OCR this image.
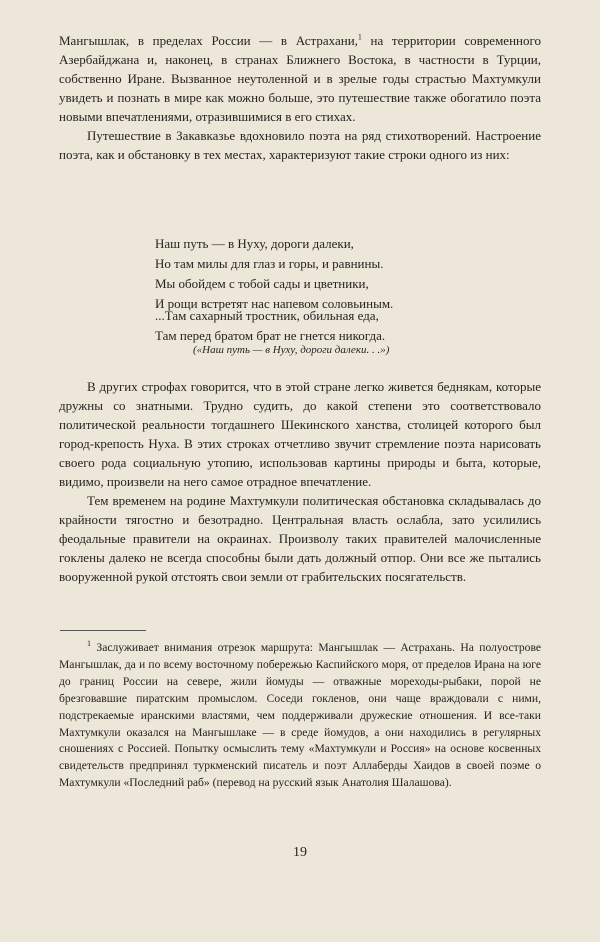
Мангышлак, в пределах России — в Астрахани,$^1$ на территории современного Азербайджана и, наконец, в странах Ближнего Востока, в частности в Турции, собственно Иране. Вызванное неутоленной и в зрелые годы страстью Махтумкули увидеть и познать в мире как можно больше, это путешествие также обогатило поэта новыми впечатлениями, отразившимися в его стихах.

Путешествие в Закавказье вдохновило поэта на ряд стихотворений. Настроение поэта, как и обстановку в тех местах, характеризуют такие строки одного из них:

Наш путь — в Нуху, дороги далеки,
Но там милы для глаз и горы, и равнины.
Мы обойдем с тобой сады и цветники,
И рощи встретят нас напевом соловьиным.
...Там сахарный тростник, обильная еда,
Там перед братом брат не гнется никогда.
(«Наш путь — в Нуху, дороги далеки. . .»)

В других строфах говорится, что в этой стране легко живется беднякам, которые дружны со знатными. Трудно судить, до какой степени это соответствовало политической реальности тогдашнего Шекинского ханства, столицей которого был город-крепость Нуха. В этих строках отчетливо звучит стремление поэта нарисовать своего рода социальную утопию, использовав картины природы и быта, которые, видимо, произвели на него самое отрадное впечатление.

Тем временем на родине Махтумкули политическая обстановка складывалась до крайности тягостно и безотрадно. Центральная власть ослабла, зато усилились феодальные правители на окраинах. Произволу таких правителей малочисленные гоклены далеко не всегда способны были дать должный отпор. Они все же пытались вооруженной рукой отстоять свои земли от грабительских посягательств.

$^1$ Заслуживает внимания отрезок маршрута: Мангышлак — Астрахань. На полуострове Мангышлак, да и по всему восточному побережью Каспийского моря, от пределов Ирана на юге до границ России на севере, жили йомуды — отважные мореходы-рыбаки, порой не брезговавшие пиратским промыслом. Соседи гокленов, они чаще враждовали с ними, подстрекаемые иранскими властями, чем поддерживали дружеские отношения. И все-таки Махтумкули оказался на Мангышлаке — в среде йомудов, а они находились в регулярных сношениях с Россией. Попытку осмыслить тему «Махтумкули и Россия» на основе косвенных свидетельств предпринял туркменский писатель и поэт Аллаберды Хаидов в своей поэме о Махтумкули «Последний раб» (перевод на русский язык Анатолия Шалашова).

19
